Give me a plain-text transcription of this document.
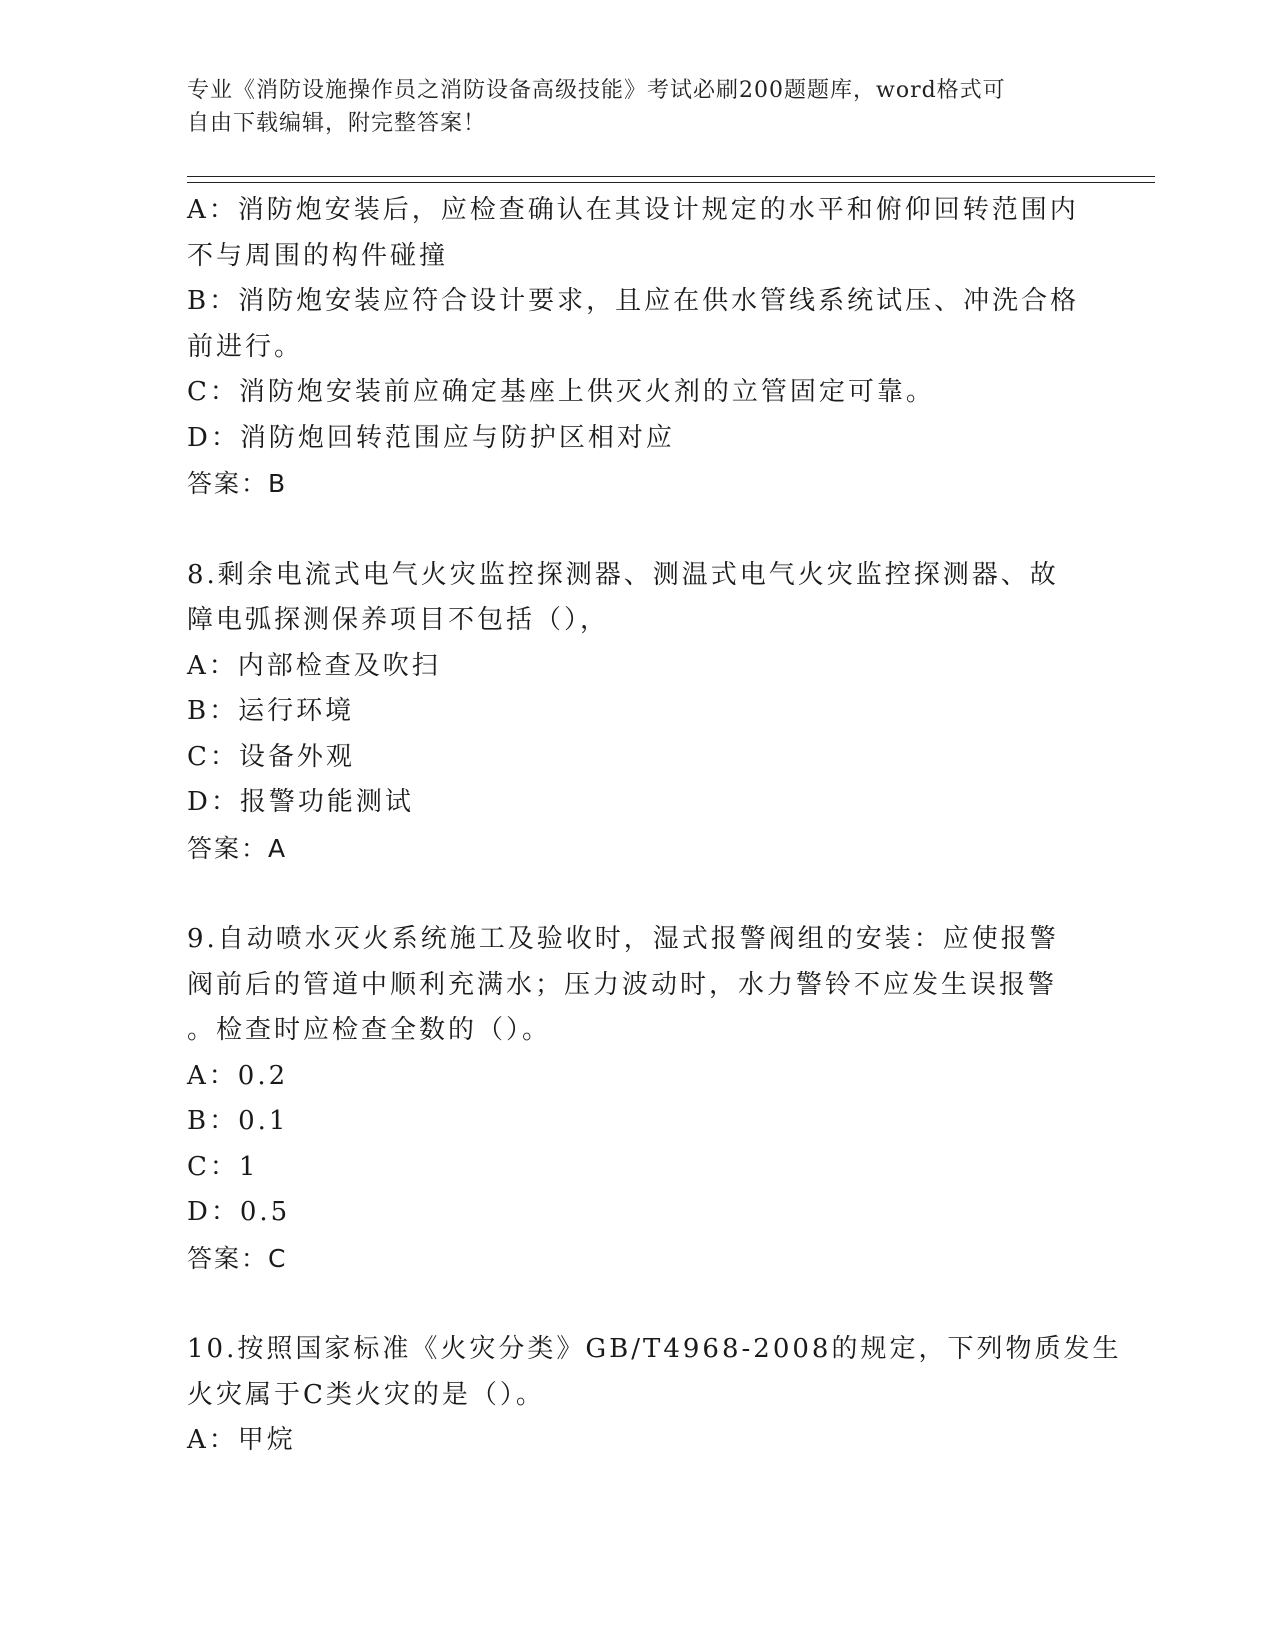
专业《消防设施操作员之消防设备高级技能》考试必刷200题题库，word格式可
自由下载编辑，附完整答案！
A：消防炮安装后，应检查确认在其设计规定的水平和俯仰回转范围内
不与周围的构件碰撞
B：消防炮安装应符合设计要求，且应在供水管线系统试压、冲洗合格
前进行。
C：消防炮安装前应确定基座上供灭火剂的立管固定可靠。
D：消防炮回转范围应与防护区相对应
答案：B
8.剩余电流式电气火灾监控探测器、测温式电气火灾监控探测器、故
障电弧探测保养项目不包括（），
A：内部检查及吹扫
B：运行环境
C：设备外观
D：报警功能测试
答案：A
9.自动喷水灭火系统施工及验收时，湿式报警阀组的安装：应使报警
阀前后的管道中顺利充满水；压力波动时，水力警铃不应发生误报警
。检查时应检查全数的（）。
A：0.2
B：0.1
C：1
D：0.5
答案：C
10.按照国家标准《火灾分类》GB/T4968-2008的规定，下列物质发生
火灾属于C类火灾的是（）。
A：甲烷
